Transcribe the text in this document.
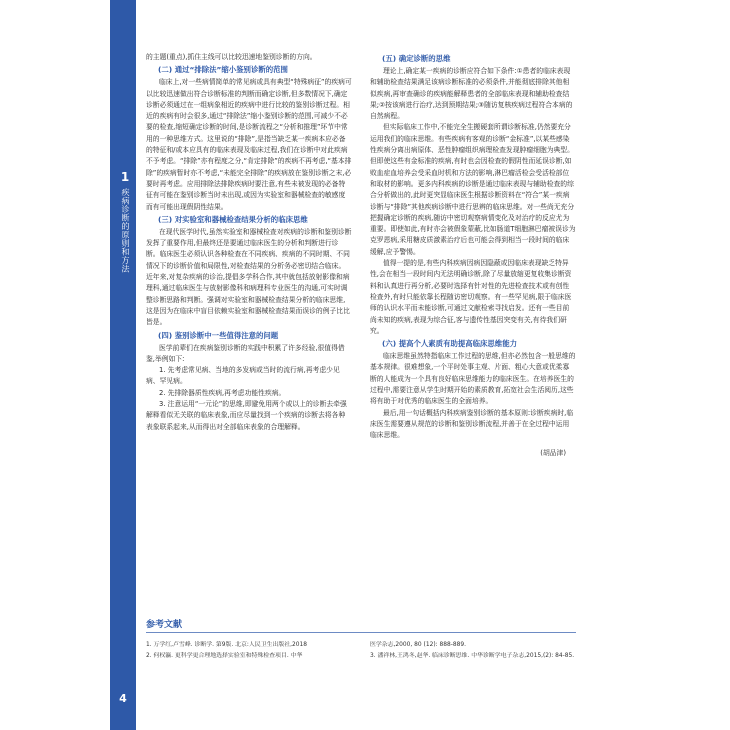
1
疾病诊断的原则和方法
4

的主题(重点),抓住主线可以比较迅速地鉴别诊断的方向。

(二) 通过“排除法”缩小鉴别诊断的范围

临床上,对一些病情简单的常见病或具有典型“特殊病征”的疾病可以比较迅速做出符合诊断标准的判断而确定诊断,但多数情况下,确定诊断必须通过在一组病象相近的疾病中进行比较的鉴别诊断过程。相近的疾病有时会很多,通过“排除法”缩小鉴别诊断的范围,可减少不必要的检查,缩短确定诊断的时间,是诊断流程之“分析和推理”环节中常用的一种思维方式。这里说的“排除”,是指当缺乏某一疾病本应必备的特征和/或本应具有的临床表现及临床过程,我们在诊断中对此疾病不予考虑。“排除”亦有程度之分,“肯定排除”的疾病不再考虑,“基本排除”的疾病暂时亦不考虑,“未能完全排除”的疾病放在鉴别诊断之末,必要时再考虑。应用排除法排除疾病时要注意,有些未被发现的必备特征有可能在鉴别诊断当时未出现,或因为实验室和器械检查的敏感度而有可能出现假阴性结果。

(三) 对实验室和器械检查结果分析的临床思维

在现代医学时代,虽然实验室和器械检查对疾病的诊断和鉴别诊断发挥了重要作用,但最终还是要通过临床医生的分析和判断进行诊断。临床医生必须认识各种检查在不同疾病、疾病的不同时期、不同情况下的诊断价值和局限性,对检查结果的分析务必密切结合临床。近年来,对复杂疾病的诊治,提倡多学科合作,其中就包括放射影像和病理科,通过临床医生与放射影像科和病理科专业医生的沟通,可实时调整诊断思路和判断。强调对实验室和器械检查结果分析的临床思维,这是因为在临床中盲目依赖实验室和器械检查结果而误诊的例子比比皆是。

(四) 鉴别诊断中一些值得注意的问题

医学前辈们在疾病鉴别诊断的实践中积累了许多经验,很值得借鉴,举例如下:

1. 先考虑常见病、当地的多发病或当时的流行病,再考虑少见病、罕见病。

2. 先排除器质性疾病,再考虑功能性疾病。

3. 注意运用“一元论”的思维,即避免用两个或以上的诊断去牵强解释看似无关联的临床表象,而应尽量找到一个疾病的诊断去将各种表象联系起来,从而得出对全部临床表象的合理解释。

(五) 确定诊断的思维

理论上,确定某一疾病的诊断应符合如下条件:①患者的临床表现和辅助检查结果满足该病诊断标准的必须条件,并能彻底排除其他相似疾病,再审查确诊的疾病能解释患者的全部临床表现和辅助检查结果;②按该病进行治疗,达到预期结果;③随访复核疾病过程符合本病的自然病程。

但实际临床工作中,不能完全生搬硬套所谓诊断标准,仍然要充分运用我们的临床思维。有些疾病有客观的诊断“金标准”,以某些感染性疾病分离出病原体、恶性肿瘤组织病理检查发现肿瘤细胞为典型。但即使这些有金标准的疾病,有时也会因检查的假阴性而延误诊断,如败血症血培养会受采血时机和方法的影响,淋巴瘤活检会受活检部位和取材的影响。更多内科疾病的诊断是通过临床表现与辅助检查的综合分析做出的,此时更突显临床医生根据诊断资料在“符合”某一疾病诊断与“排除”其他疾病诊断中进行思辨的临床思维。对一些尚无充分把握确定诊断的疾病,随访中密切观察病情变化及对治疗的反应尤为重要。即使如此,有时亦会被假象蒙蔽,比如肠道T细胞淋巴瘤被误诊为克罗恩病,采用糖皮质激素治疗后也可能会得到相当一段时间的临床缓解,应予警惕。

值得一提的是,有些内科疾病因病因隐蔽或因临床表现缺乏特异性,会在相当一段时间内无法明确诊断,除了尽量放缩更复收集诊断资料和认真进行再分析,必要时选择有针对性的先进检查技术或有创性检查外,有时只能依靠长程随访密切观察。有一些罕见病,限于临床医师的认识水平而未能诊断,可通过文献检索寻找启发。还有一些目前尚未知的疾病,表现为综合征,客与遗传性基因突变有关,有待我们研究。

(六) 提高个人素质有助提高临床思维能力

临床思维虽然特指临床工作过程的思维,但亦必然包含一般思维的基本规律。很难想象,一个平时处事主观、片面、粗心大意或优柔寡断的人能成为一个具有良好临床思维能力的临床医生。在培养医生的过程中,需要注意从学生时期开始的素质教育,拓宽社会生活阅历,这些将有助于对优秀的临床医生的全面培养。

最后,用一句话概括内科疾病鉴别诊断的基本原则:诊断疾病时,临床医生需要遵从规范的诊断和鉴别诊断流程,并善于在全过程中运用临床思维。

(胡品津)

参考文献

1. 万学红,卢雪峰. 诊断学. 第9版. 北京:人民卫生出版社,2018

2. 何权瀛. 更科学更合理地选择实验室和特殊检查项目. 中华

医学杂志,2000, 80 (12): 888-889.

3. 潘祥林,王鸿冬,赵华. 临床诊断思维. 中华诊断学电子杂志,2015,(2): 84-85.
